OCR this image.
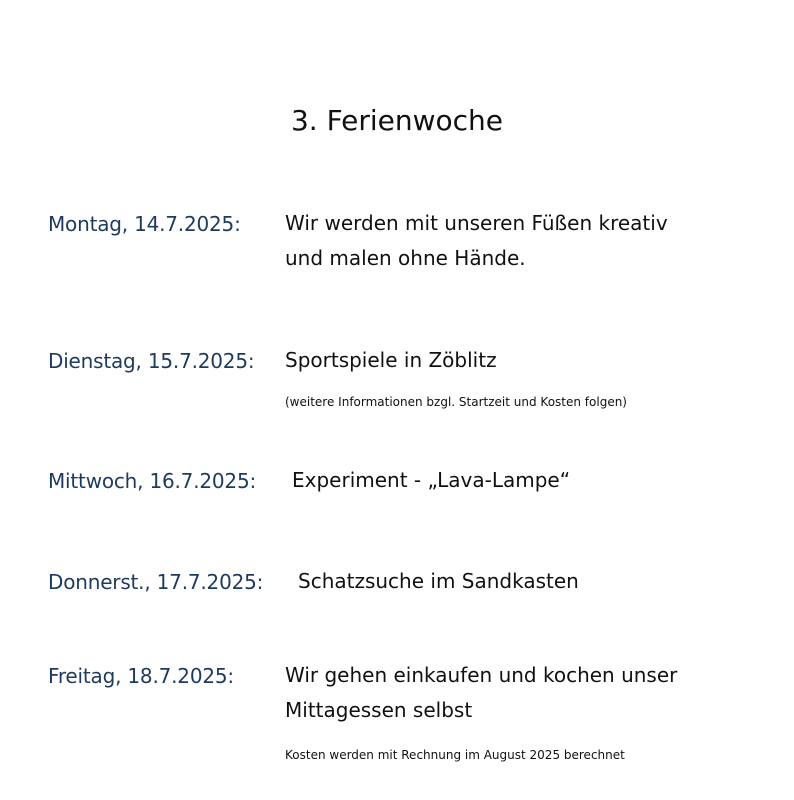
3. Ferienwoche
Montag, 14.7.2025: Wir werden mit unseren Füßen kreativ
und malen ohne Hände.
Dienstag, 15.7.2025: Sportspiele in Zöblitz
(weitere Informationen bzgl. Startzeit und Kosten folgen)
Mittwoch, 16.7.2025: Experiment - „Lava-Lampe“
Donnerst., 17.7.2025: Schatzsuche im Sandkasten
Freitag, 18.7.2025:	Wir gehen einkaufen und kochen unser
Mittagessen selbst
Kosten werden mit Rechnung im August 2025 berechnet
